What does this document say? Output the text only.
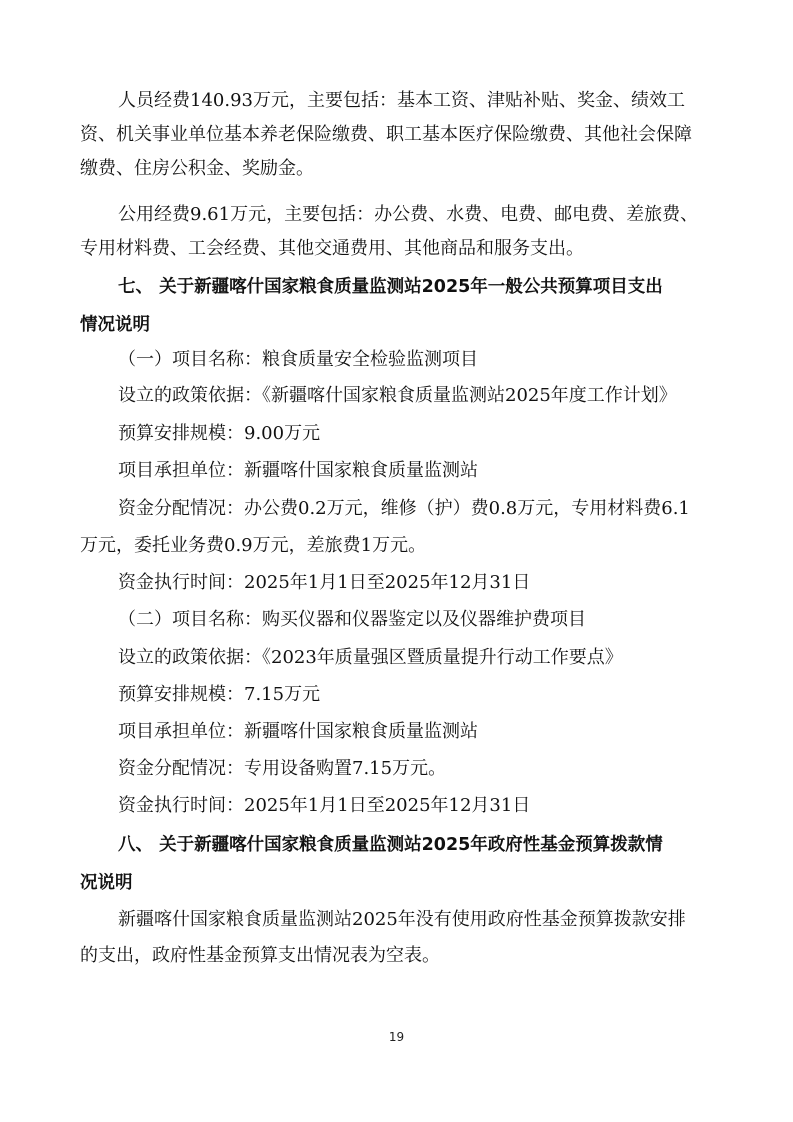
人员经费140.93万元，主要包括：基本工资、津贴补贴、奖金、绩效工
资、机关事业单位基本养老保险缴费、职工基本医疗保险缴费、其他社会保障
缴费、住房公积金、奖励金。
公用经费9.61万元，主要包括：办公费、水费、电费、邮电费、差旅费、
专用材料费、工会经费、其他交通费用、其他商品和服务支出。
七、 关于新疆喀什国家粮食质量监测站2025年一般公共预算项目支出
情况说明
（一）项目名称：粮食质量安全检验监测项目
设立的政策依据：《新疆喀什国家粮食质量监测站2025年度工作计划》
预算安排规模：9.00万元
项目承担单位：新疆喀什国家粮食质量监测站
资金分配情况：办公费0.2万元，维修（护）费0.8万元，专用材料费6.1
万元，委托业务费0.9万元，差旅费1万元。
资金执行时间：2025年1月1日至2025年12月31日
（二）项目名称：购买仪器和仪器鉴定以及仪器维护费项目
设立的政策依据：《2023年质量强区暨质量提升行动工作要点》
预算安排规模：7.15万元
项目承担单位：新疆喀什国家粮食质量监测站
资金分配情况：专用设备购置7.15万元。
资金执行时间：2025年1月1日至2025年12月31日
八、 关于新疆喀什国家粮食质量监测站2025年政府性基金预算拨款情
况说明
新疆喀什国家粮食质量监测站2025年没有使用政府性基金预算拨款安排
的支出，政府性基金预算支出情况表为空表。
19
